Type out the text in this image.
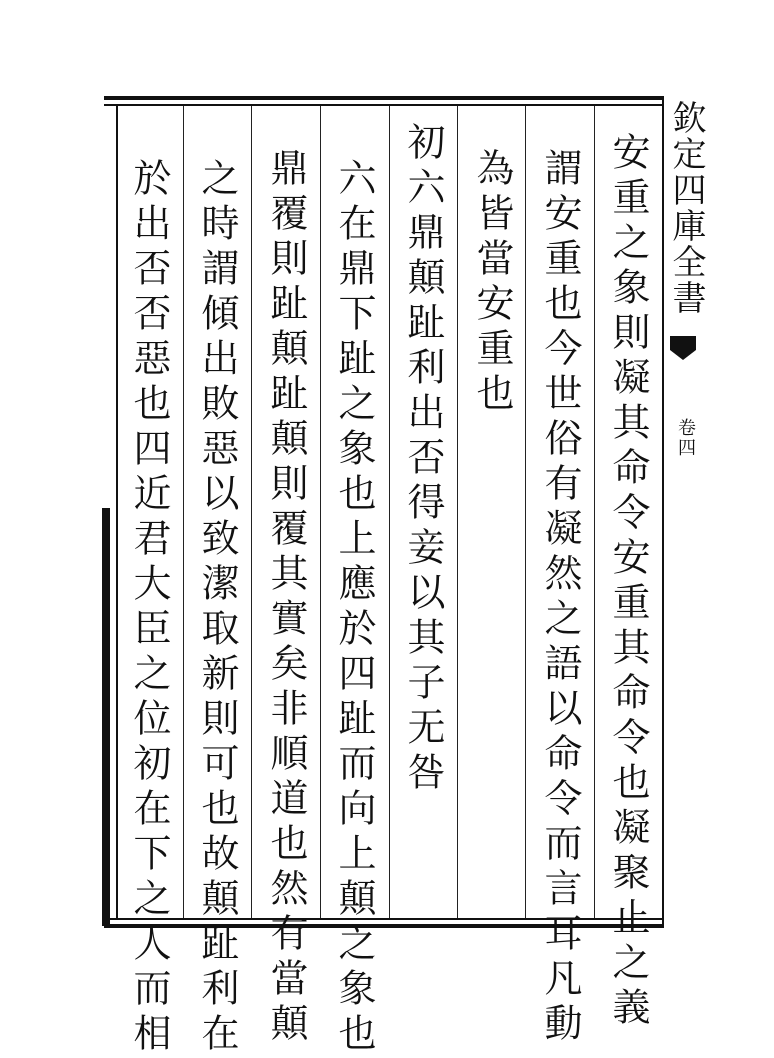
安重之象則凝其命令安重其命令也凝聚止之義
謂安重也今世俗有凝然之語以命令而言耳凡動
為皆當安重也
初六鼎顛趾利出否得妾以其子无咎
六在鼎下趾之象也上應於四趾而向上顛之象也
鼎覆則趾顛趾顛則覆其實矣非順道也然有當顛
之時謂傾出敗惡以致潔取新則可也故顛趾利在
於出否否惡也四近君大臣之位初在下之人而相	欽定四庫全書
卷四
